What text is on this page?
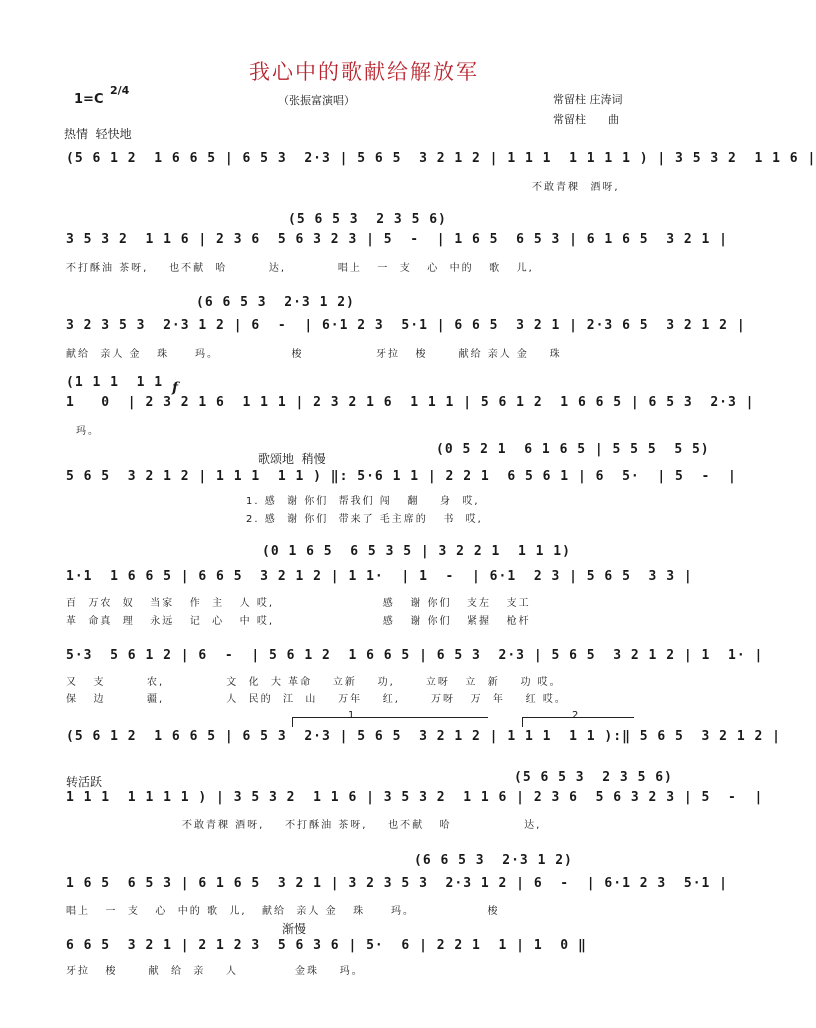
我心中的歌献给解放军
（张振富演唱）
1=C
2/4
常留柱 庄涛词
常留柱　　曲
热情  轻快地
(5 6 1 2  1 6 6 5 | 6 5 3  2·3 | 5 6 5  3 2 1 2 | 1 1 1  1 1 1 1 ) | 3 5 3 2  1 1 6 |
不敢青稞  酒呀,
(5 6 5 3  2 3 5 6)
3 5 3 2  1 1 6 | 2 3 6  5 6 3 2 3 | 5  -  | 1 6 5  6 5 3 | 6 1 6 5  3 2 1 |
不打酥油 茶呀,    也不献  哈        达,          唱上   一  支   心  中的   歌   儿,
(6 6 5 3  2·3 1 2)
3 2 3 5 3  2·3 1 2 | 6  -  | 6·1 2 3  5·1 | 6 6 5  3 2 1 | 2·3 6 5  3 2 1 2 |
献给  亲人 金   珠     玛。              梭              牙拉   梭      献给 亲人 金    珠
(1 1 1  1 1 f
1   0  | 2 3 2 1 6  1 1 1 | 2 3 2 1 6  1 1 1 | 5 6 1 2  1 6 6 5 | 6 5 3  2·3 |
玛。
歌颂地  稍慢
(0 5 2 1  6 1 6 5 | 5 5 5  5 5)
5 6 5  3 2 1 2 | 1 1 1  1 1 ) ‖: 5·6 1 1 | 2 2 1  6 5 6 1 | 6  5·  | 5  -  |
1. 感  谢 你们  帮我们 闯   翻    身  哎,
2. 感  谢 你们  带来了 毛主席的   书  哎,
(0 1 6 5  6 5 3 5 | 3 2 2 1  1 1 1)
1·1  1 6 6 5 | 6 6 5  3 2 1 2 | 1 1·  | 1  -  | 6·1  2 3 | 5 6 5  3 3 |
百  万农  奴   当家   作  主   人 哎,                     感   谢 你们   支左   支工
革  命真  理   永远   记  心   中 哎,                     感   谢 你们   紧握   枪杆
5·3  5 6 1 2 | 6  -  | 5 6 1 2  1 6 6 5 | 6 5 3  2·3 | 5 6 5  3 2 1 2 | 1  1· |
又   支        农,            文  化  大 革命    立新    功,      立呀   立  新    功 哎。
保   边        疆,            人  民的  江  山    万年    红,      万呀   万  年    红 哎。
1	2
(5 6 1 2  1 6 6 5 | 6 5 3  2·3 | 5 6 5  3 2 1 2 | 1 1 1  1 1 ):‖ 5 6 5  3 2 1 2 |
转活跃	(5 6 5 3  2 3 5 6)
1 1 1  1 1 1 1 ) | 3 5 3 2  1 1 6 | 3 5 3 2  1 1 6 | 2 3 6  5 6 3 2 3 | 5  -  |
不敢青稞 酒呀,    不打酥油 茶呀,    也不献   哈              达,
(6 6 5 3  2·3 1 2)
1 6 5  6 5 3 | 6 1 6 5  3 2 1 | 3 2 3 5 3  2·3 1 2 | 6  -  | 6·1 2 3  5·1 |
唱上   一  支   心  中的 歌  儿,   献给  亲人 金   珠     玛。              梭
渐慢
6 6 5  3 2 1 | 2 1 2 3  5 6 3 6 | 5·  6 | 2 2 1  1 | 1  0 ‖
牙拉   梭      献  给  亲    人           金珠    玛。
